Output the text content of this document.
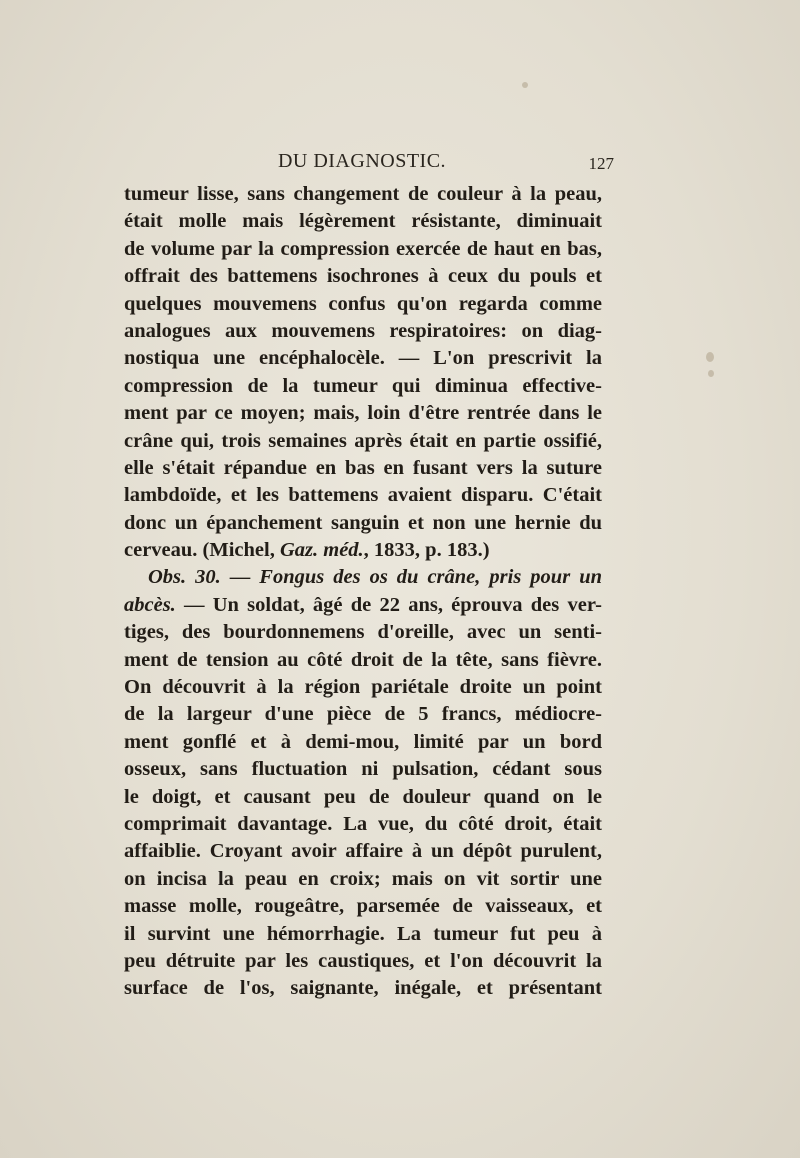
DU DIAGNOSTIC.	127
tumeur lisse, sans changement de couleur à la peau,
était molle mais légèrement résistante, diminuait
de volume par la compression exercée de haut en bas,
offrait des battemens isochrones à ceux du pouls et
quelques mouvemens confus qu'on regarda comme
analogues aux mouvemens respiratoires: on diag-
nostiqua une encéphalocèle. — L'on prescrivit la
compression de la tumeur qui diminua effective-
ment par ce moyen; mais, loin d'être rentrée dans le
crâne qui, trois semaines après était en partie ossifié,
elle s'était répandue en bas en fusant vers la suture
lambdoïde, et les battemens avaient disparu. C'était
donc un épanchement sanguin et non une hernie du
cerveau. (Michel, Gaz. méd., 1833, p. 183.)
Obs. 30. — Fongus des os du crâne, pris pour un
abcès. — Un soldat, âgé de 22 ans, éprouva des ver-
tiges, des bourdonnemens d'oreille, avec un senti-
ment de tension au côté droit de la tête, sans fièvre.
On découvrit à la région pariétale droite un point
de la largeur d'une pièce de 5 francs, médiocre-
ment gonflé et à demi-mou, limité par un bord
osseux, sans fluctuation ni pulsation, cédant sous
le doigt, et causant peu de douleur quand on le
comprimait davantage. La vue, du côté droit, était
affaiblie. Croyant avoir affaire à un dépôt purulent,
on incisa la peau en croix; mais on vit sortir une
masse molle, rougeâtre, parsemée de vaisseaux, et
il survint une hémorrhagie. La tumeur fut peu à
peu détruite par les caustiques, et l'on découvrit la
surface de l'os, saignante, inégale, et présentant
